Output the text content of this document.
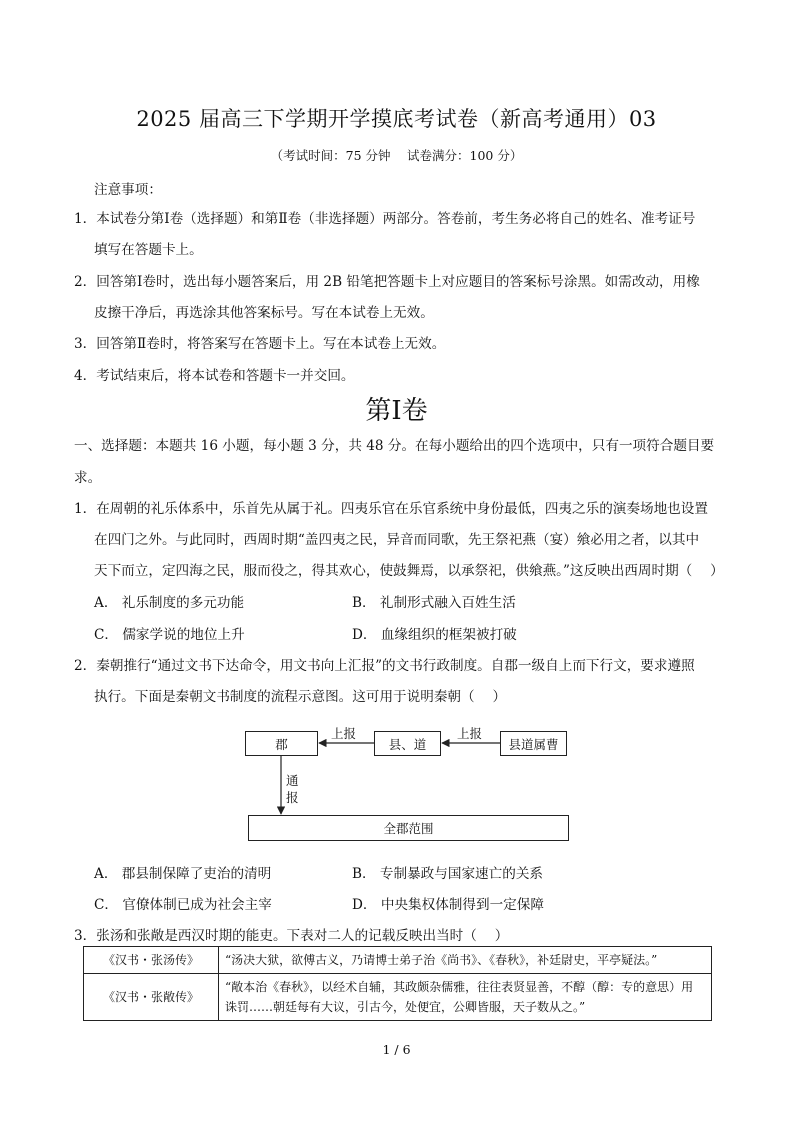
2025 届高三下学期开学摸底考试卷（新高考通用）03
（考试时间：75 分钟　 试卷满分：100 分）
注意事项：
1．本试卷分第Ⅰ卷（选择题）和第Ⅱ卷（非选择题）两部分。答卷前，考生务必将自己的姓名、准考证号
填写在答题卡上。
2．回答第Ⅰ卷时，选出每小题答案后，用 2B 铅笔把答题卡上对应题目的答案标号涂黑。如需改动，用橡
皮擦干净后，再选涂其他答案标号。写在本试卷上无效。
3．回答第Ⅱ卷时，将答案写在答题卡上。写在本试卷上无效。
4．考试结束后，将本试卷和答题卡一并交回。
第Ⅰ卷
一、选择题：本题共 16 小题，每小题 3 分，共 48 分。在每小题给出的四个选项中，只有一项符合题目要
求。
1．在周朝的礼乐体系中，乐首先从属于礼。四夷乐官在乐官系统中身份最低，四夷之乐的演奏场地也设置
在四门之外。与此同时，西周时期“盖四夷之民，异音而同歌，先王祭祀燕（宴）飨必用之者，以其中
天下而立，定四海之民，服而役之，得其欢心，使鼓舞焉，以承祭祀，供飨燕。”这反映出西周时期（　 ）
A． 礼乐制度的多元功能	B． 礼制形式融入百姓生活
C． 儒家学说的地位上升	D． 血缘组织的框架被打破
2．秦朝推行“通过文书下达命令，用文书向上汇报”的文书行政制度。自郡一级自上而下行文，要求遵照
执行。下面是秦朝文书制度的流程示意图。这可用于说明秦朝（　 ）
郡	县、道	县道属曹
上报	上报
通
报
全郡范围
A． 郡县制保障了吏治的清明	B． 专制暴政与国家速亡的关系
C． 官僚体制已成为社会主宰	D． 中央集权体制得到一定保障
3．张汤和张敞是西汉时期的能吏。下表对二人的记载反映出当时（　 ）
《汉书・张汤传》	“汤决大狱，欲傅古义，乃请博士弟子治《尚书》、《春秋》，补廷尉史，平亭疑法。”
《汉书・张敞传》	“敞本治《春秋》，以经术自辅，其政颇杂儒雅，往往表贤显善，不醇（醇：专的意思）用诛罚……朝廷每有大议，引古今，处便宜，公卿皆服，天子数从之。”
1 / 6
